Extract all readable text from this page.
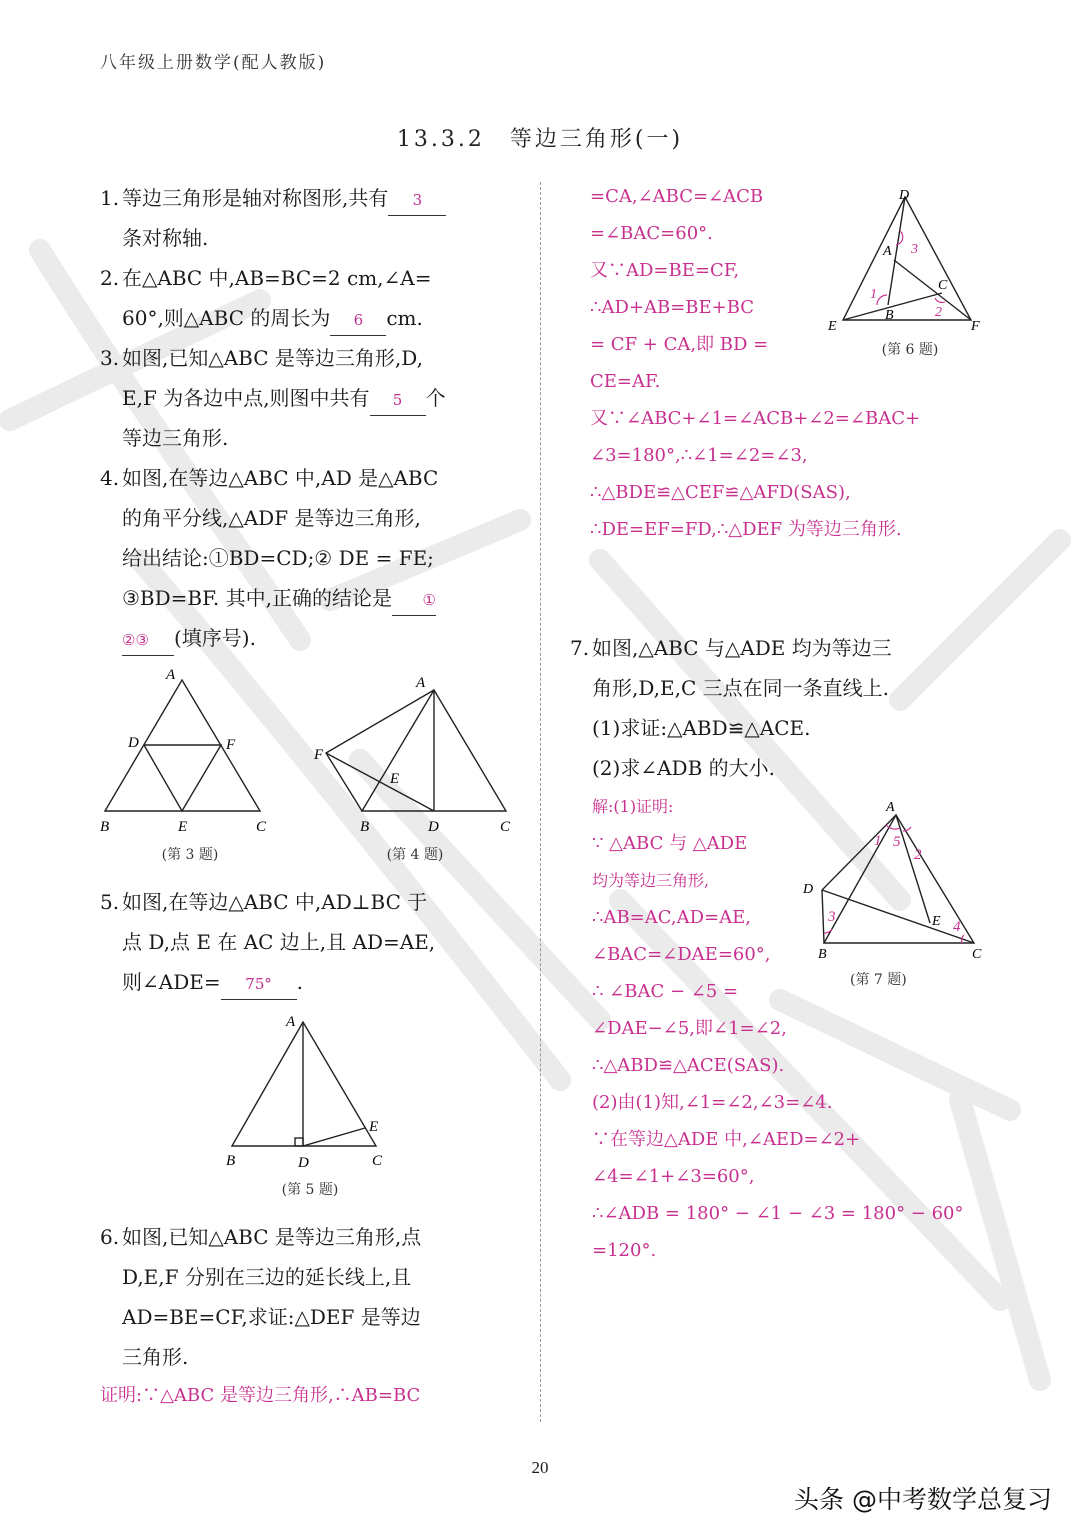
八年级上册数学(配人教版)
13.3.2　等边三角形(一)
1. 等边三角形是轴对称图形,共有 3
条对称轴.
2. 在△ABC 中,AB=BC=2 cm,∠A=
60°,则△ABC 的周长为 6 cm.
3. 如图,已知△ABC 是等边三角形,D,
E,F 为各边中点,则图中共有 5 个
等边三角形.
4. 如图,在等边△ABC 中,AD 是△ABC
的角平分线,△ADF 是等边三角形,
给出结论:①BD=CD;② DE = FE;
③BD=BF. 其中,正确的结论是 ①
②③ (填序号).
A
B	C
D
E
F
(第 3 题)
A
B	C
D
E
F
(第 4 题)
5. 如图,在等边△ABC 中,AD⊥BC 于
点 D,点 E 在 AC 边上,且 AD=AE,
则∠ADE= 75° .
A
B	C
D
E
(第 5 题)
6. 如图,已知△ABC 是等边三角形,点
D,E,F 分别在三边的延长线上,且
AD=BE=CF,求证:△DEF 是等边
三角形.
证明:∵△ABC 是等边三角形,∴AB=BC
=CA,∠ABC=∠ACB
=∠BAC=60°.
又∵AD=BE=CF,
∴AD+AB=BE+BC
= CF + CA,即 BD =
CE=AF.
又∵∠ABC+∠1=∠ACB+∠2=∠BAC+
∠3=180°,∴∠1=∠2=∠3,
∴△BDE≌△CEF≌△AFD(SAS),
∴DE=EF=FD,∴△DEF 为等边三角形.
D
A
C
B
E	F
3
1
2
(第 6 题)
7. 如图,△ABC 与△ADE 均为等边三
角形,D,E,C 三点在同一条直线上.
(1)求证:△ABD≌△ACE.
(2)求∠ADB 的大小.
解:(1)证明:
∵ △ABC 与 △ADE
均为等边三角形,
∴AB=AC,AD=AE,
∠BAC=∠DAE=60°,
∴ ∠BAC − ∠5 =
∠DAE−∠5,即∠1=∠2,
∴△ABD≌△ACE(SAS).
A
B	C
D
E
1 5
2
3
4
(第 7 题)
(2)由(1)知,∠1=∠2,∠3=∠4.
∵在等边△ADE 中,∠AED=∠2+
∠4=∠1+∠3=60°,
∴∠ADB = 180° − ∠1 − ∠3 = 180° − 60°
=120°.
20
头条 @中考数学总复习
